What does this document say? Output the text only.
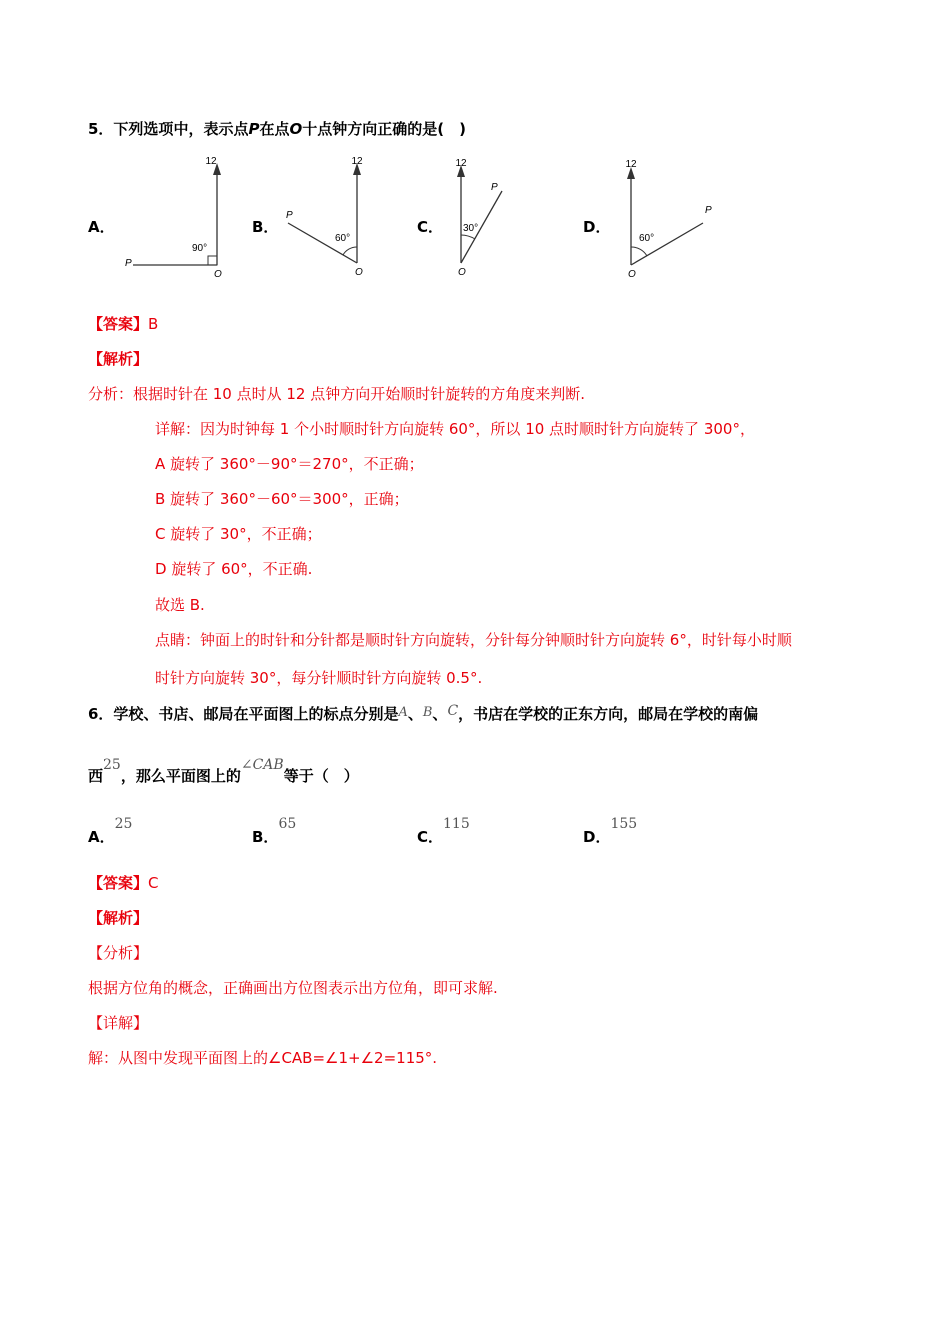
5．下列选项中，表示点P在点O十点钟方向正确的是(　)
A．
12
P
O
90°
B．
12
P
O
60°
C．
12
P
O
30°	D．
12
P
O
60°
【答案】B
【解析】
分析：根据时针在 10 点时从 12 点钟方向开始顺时针旋转的方角度来判断.
详解：因为时钟每 1 个小时顺时针方向旋转 60°，所以 10 点时顺时针方向旋转了 300°，
A 旋转了 360°－90°＝270°，不正确；
B 旋转了 360°－60°＝300°，正确；
C 旋转了 30°，不正确；
D 旋转了 60°，不正确.
故选 B.
点睛：钟面上的时针和分针都是顺时针方向旋转，分针每分钟顺时针方向旋转 6°，时针每小时顺
时针方向旋转 30°，每分针顺时针方向旋转 0.5°.
6．学校、书店、邮局在平面图上的标点分别是A、B、C，书店在学校的正东方向，邮局在学校的南偏
西25，那么平面图上的∠CAB等于（　）
A．25
B．65
C．115
D．155
【答案】C
【解析】
【分析】
根据方位角的概念，正确画出方位图表示出方位角，即可求解.
【详解】
解：从图中发现平面图上的∠CAB=∠1+∠2=115°.
